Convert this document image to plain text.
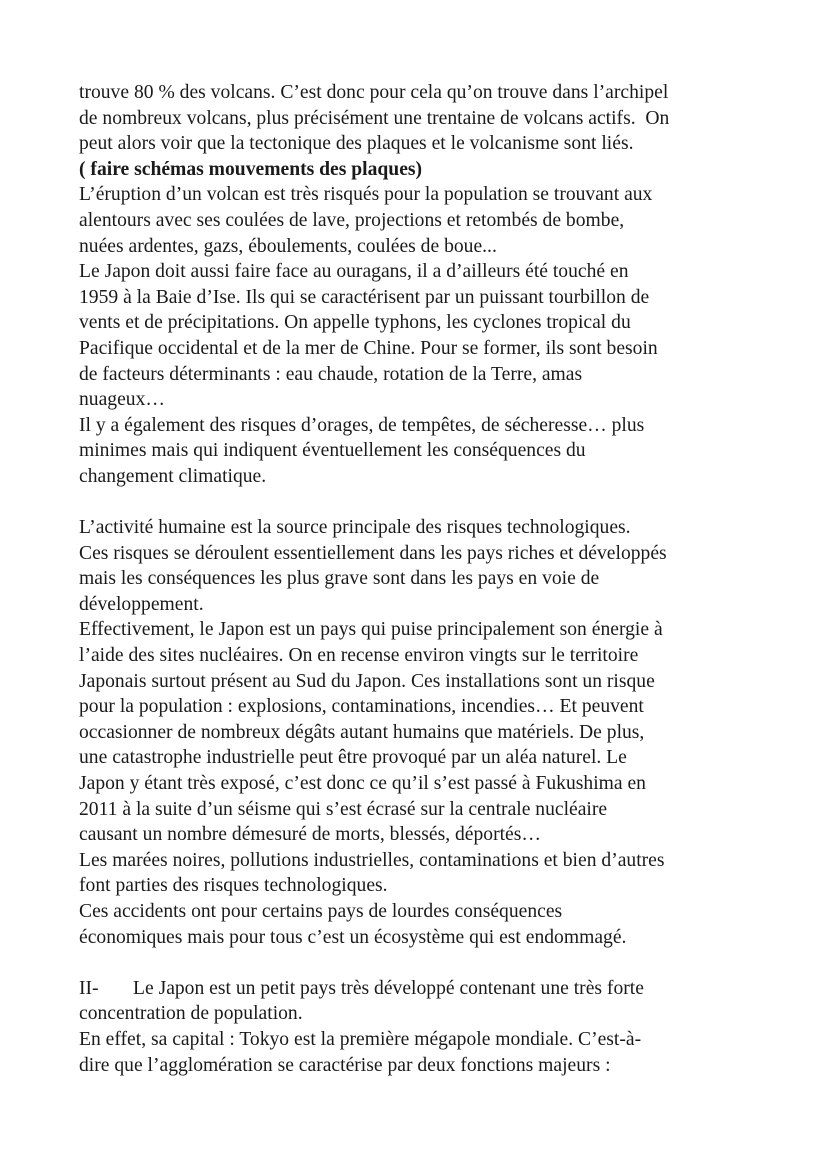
trouve 80 % des volcans. C’est donc pour cela qu’on trouve dans l’archipel
de nombreux volcans, plus précisément une trentaine de volcans actifs.  On
peut alors voir que la tectonique des plaques et le volcanisme sont liés.
( faire schémas mouvements des plaques)
L’éruption d’un volcan est très risqués pour la population se trouvant aux
alentours avec ses coulées de lave, projections et retombés de bombe,
nuées ardentes, gazs, éboulements, coulées de boue...
Le Japon doit aussi faire face au ouragans, il a d’ailleurs été touché en
1959 à la Baie d’Ise. Ils qui se caractérisent par un puissant tourbillon de
vents et de précipitations. On appelle typhons, les cyclones tropical du
Pacifique occidental et de la mer de Chine. Pour se former, ils sont besoin
de facteurs déterminants : eau chaude, rotation de la Terre, amas
nuageux…
Il y a également des risques d’orages, de tempêtes, de sécheresse… plus
minimes mais qui indiquent éventuellement les conséquences du
changement climatique.
L’activité humaine est la source principale des risques technologiques.
Ces risques se déroulent essentiellement dans les pays riches et développés
mais les conséquences les plus grave sont dans les pays en voie de
développement.
Effectivement, le Japon est un pays qui puise principalement son énergie à
l’aide des sites nucléaires. On en recense environ vingts sur le territoire
Japonais surtout présent au Sud du Japon. Ces installations sont un risque
pour la population : explosions, contaminations, incendies… Et peuvent
occasionner de nombreux dégâts autant humains que matériels. De plus,
une catastrophe industrielle peut être provoqué par un aléa naturel. Le
Japon y étant très exposé, c’est donc ce qu’il s’est passé à Fukushima en
2011 à la suite d’un séisme qui s’est écrasé sur la centrale nucléaire
causant un nombre démesuré de morts, blessés, déportés…
Les marées noires, pollutions industrielles, contaminations et bien d’autres
font parties des risques technologiques.
Ces accidents ont pour certains pays de lourdes conséquences
économiques mais pour tous c’est un écosystème qui est endommagé.
II- Le Japon est un petit pays très développé contenant une très forte
concentration de population.
En effet, sa capital : Tokyo est la première mégapole mondiale. C’est-à-
dire que l’agglomération se caractérise par deux fonctions majeurs :
